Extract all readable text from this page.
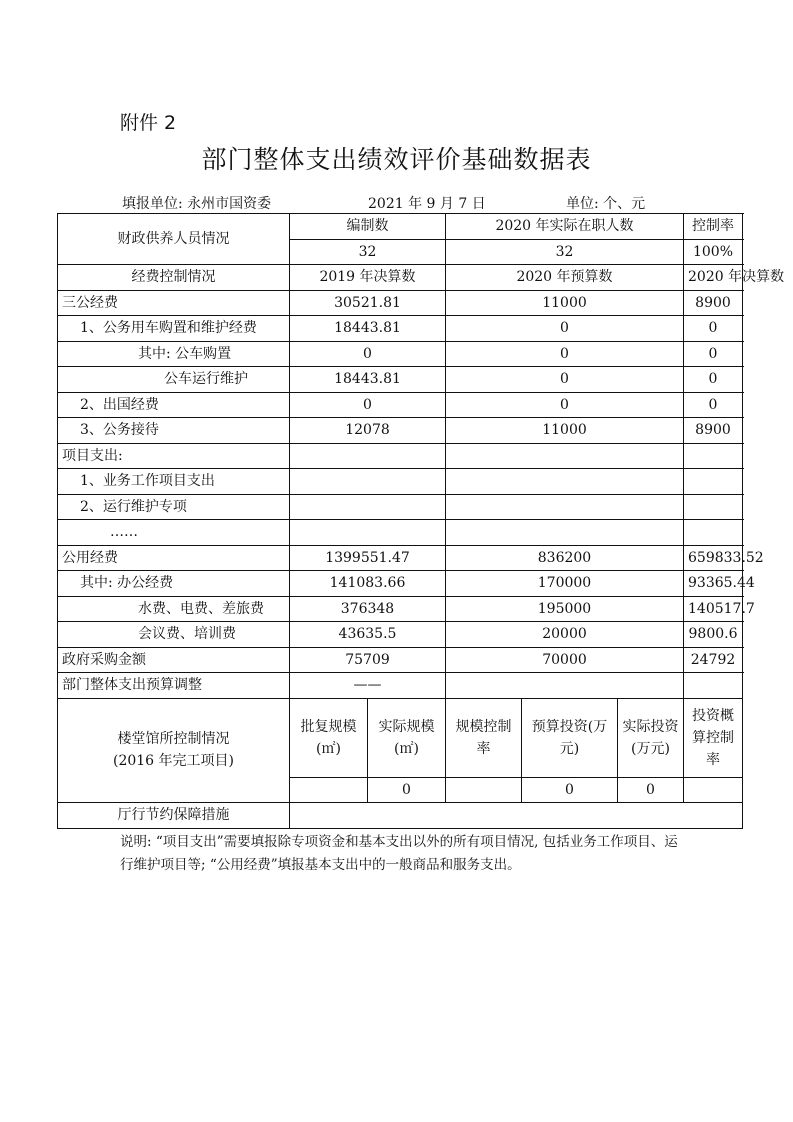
附件 2
部门整体支出绩效评价基础数据表
填报单位: 永州市国资委	2021 年 9 月 7 日	单位: 个、元
财政供养人员情况	编制数		2020 年实际在职人数			控制率
	32		32			100%
经费控制情况	2019 年决算数		2020 年预算数			2020 年决算数
三公经费	30521.81		11000			8900
1、公务用车购置和维护经费	18443.81		0			0
其中: 公车购置	0		0			0
公车运行维护	18443.81		0			0
2、出国经费	0		0			0
3、公务接待	12078		11000			8900
项目支出:						
1、业务工作项目支出						
2、运行维护专项						
……						
公用经费	1399551.47		836200			659833.52
其中: 办公经费	141083.66		170000			93365.44
水费、电费、差旅费	376348		195000			140517.7
会议费、培训费	43635.5		20000			9800.6
政府采购金额	75709		70000			24792
部门整体支出预算调整	——					

楼堂馆所控制情况
(2016 年完工项目)	批复规模(㎡)	实际规模(㎡)	规模控制率	预算投资(万元)	实际投资(万元)	投资概算控制率
		0		0	0	
厅行节约保障措施						
说明: “项目支出”需要填报除专项资金和基本支出以外的所有项目情况, 包括业务工作项目、运行维护项目等; “公用经费”填报基本支出中的一般商品和服务支出。
